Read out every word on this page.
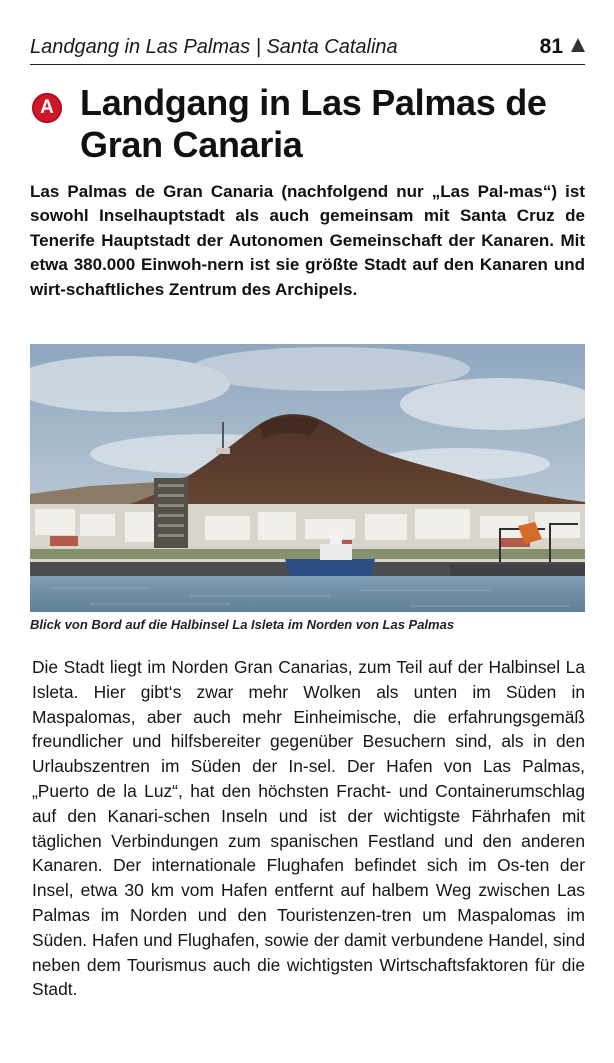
Landgang in Las Palmas | Santa Catalina	81
A Landgang in Las Palmas de Gran Canaria

Las Palmas de Gran Canaria (nachfolgend nur „Las Pal-mas“) ist sowohl Inselhauptstadt als auch gemeinsam mit Santa Cruz de Tenerife Hauptstadt der Autonomen Gemeinschaft der Kanaren. Mit etwa 380.000 Einwoh-nern ist sie größte Stadt auf den Kanaren und wirt-schaftliches Zentrum des Archipels.

Blick von Bord auf die Halbinsel La Isleta im Norden von Las Palmas

Die Stadt liegt im Norden Gran Canarias, zum Teil auf der Halbinsel La Isleta. Hier gibt‘s zwar mehr Wolken als unten im Süden in Maspalomas, aber auch mehr Einheimische, die erfahrungsgemäß freundlicher und hilfsbereiter gegenüber Besuchern sind, als in den Urlaubszentren im Süden der In-sel. Der Hafen von Las Palmas, „Puerto de la Luz“, hat den höchsten Fracht- und Containerumschlag auf den Kanari-schen Inseln und ist der wichtigste Fährhafen mit täglichen Verbindungen zum spanischen Festland und den anderen Kanaren. Der internationale Flughafen befindet sich im Os-ten der Insel, etwa 30 km vom Hafen entfernt auf halbem Weg zwischen Las Palmas im Norden und den Touristenzen-tren um Maspalomas im Süden. Hafen und Flughafen, sowie der damit verbundene Handel, sind neben dem Tourismus auch die wichtigsten Wirtschaftsfaktoren für die Stadt.
